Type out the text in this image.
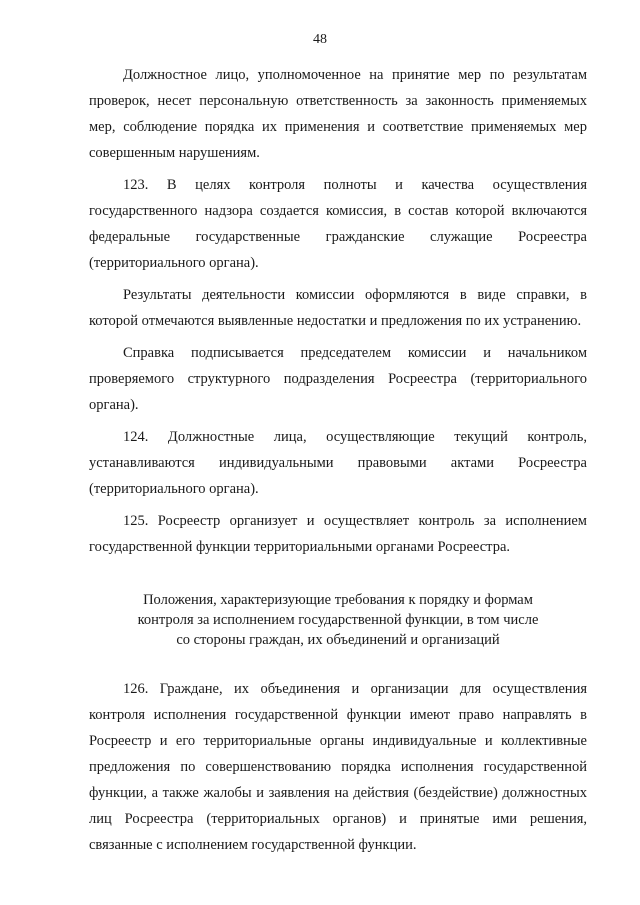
48

Должностное лицо, уполномоченное на принятие мер по результатам проверок, несет персональную ответственность за законность применяемых мер, соблюдение порядка их применения и соответствие применяемых мер совершенным нарушениям.

123. В целях контроля полноты и качества осуществления государственного надзора создается комиссия, в состав которой включаются федеральные государственные гражданские служащие Росреестра (территориального органа).

Результаты деятельности комиссии оформляются в виде справки, в которой отмечаются выявленные недостатки и предложения по их устранению.

Справка подписывается председателем комиссии и начальником проверяемого структурного подразделения Росреестра (территориального органа).

124. Должностные лица, осуществляющие текущий контроль, устанавливаются индивидуальными правовыми актами Росреестра (территориального органа).

125. Росреестр организует и осуществляет контроль за исполнением государственной функции территориальными органами Росреестра.

Положения, характеризующие требования к порядку и формам
контроля за исполнением государственной функции, в том числе
со стороны граждан, их объединений и организаций

126. Граждане, их объединения и организации для осуществления контроля исполнения государственной функции имеют право направлять в Росреестр и его территориальные органы индивидуальные и коллективные предложения по совершенствованию порядка исполнения государственной функции, а также жалобы и заявления на действия (бездействие) должностных лиц Росреестра (территориальных органов) и принятые ими решения, связанные с исполнением государственной функции.
